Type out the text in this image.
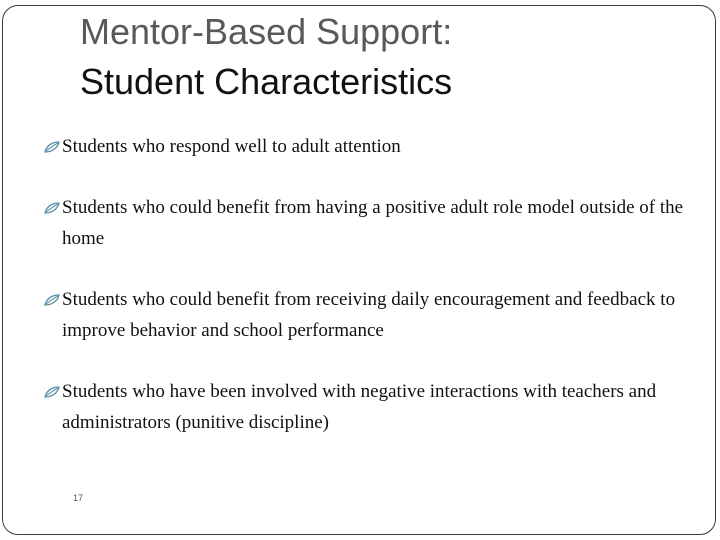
Mentor-Based Support:
Student Characteristics
Students who respond well to adult attention
Students who could benefit from having a positive adult role model outside of the home
Students who could benefit from receiving daily encouragement and feedback to improve behavior and school performance
Students who have been involved with negative interactions with teachers and administrators (punitive discipline)
17
